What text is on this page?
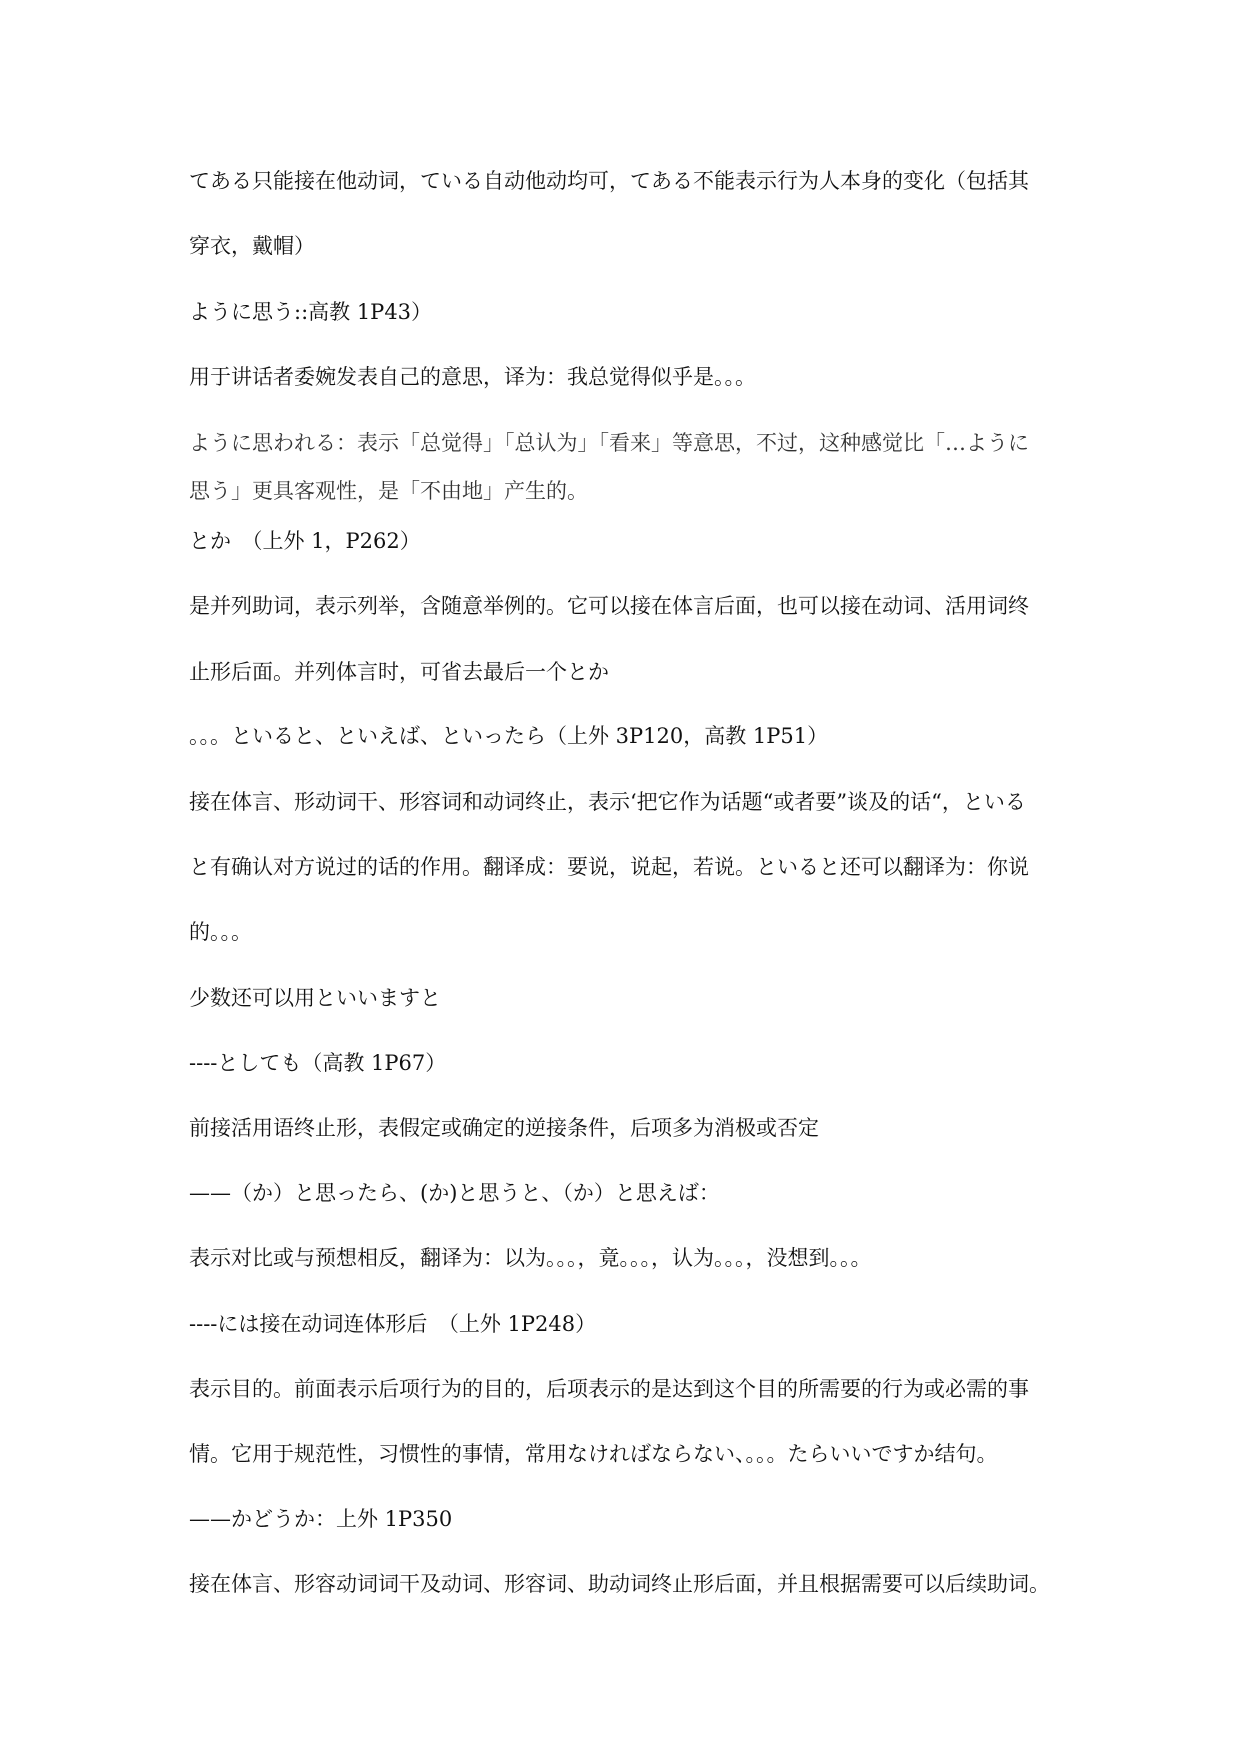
てある只能接在他动词，ている自动他动均可，てある不能表示行为人本身的变化（包括其
穿衣，戴帽）
ように思う::高教 1P43）
用于讲话者委婉发表自己的意思，译为：我总觉得似乎是。。。
ように思われる：表示「总觉得」「总认为」「看来」等意思，不过，这种感觉比「…ように
思う」更具客观性，是「不由地」产生的。
とか　（上外 1，P262）
是并列助词，表示列举，含随意举例的。它可以接在体言后面，也可以接在动词、活用词终
止形后面。并列体言时，可省去最后一个とか
。。。といると、といえば、といったら（上外 3P120，高教 1P51）
接在体言、形动词干、形容词和动词终止，表示‘把它作为话题“或者要”谈及的话“，といる
と有确认对方说过的话的作用。翻译成：要说，说起，若说。といると还可以翻译为：你说
的。。。
少数还可以用といいますと
----としても（高教 1P67）
前接活用语终止形，表假定或确定的逆接条件，后项多为消极或否定
——（か）と思ったら、(か)と思うと、（か）と思えば：
表示对比或与预想相反，翻译为：以为。。。，竟。。。，认为。。。，没想到。。。
----には接在动词连体形后　（上外 1P248）
表示目的。前面表示后项行为的目的，后项表示的是达到这个目的所需要的行为或必需的事
情。它用于规范性，习惯性的事情，常用なければならない、。。。たらいいですか结句。
——かどうか：上外 1P350
接在体言、形容动词词干及动词、形容词、助动词终止形后面，并且根据需要可以后续助词。
